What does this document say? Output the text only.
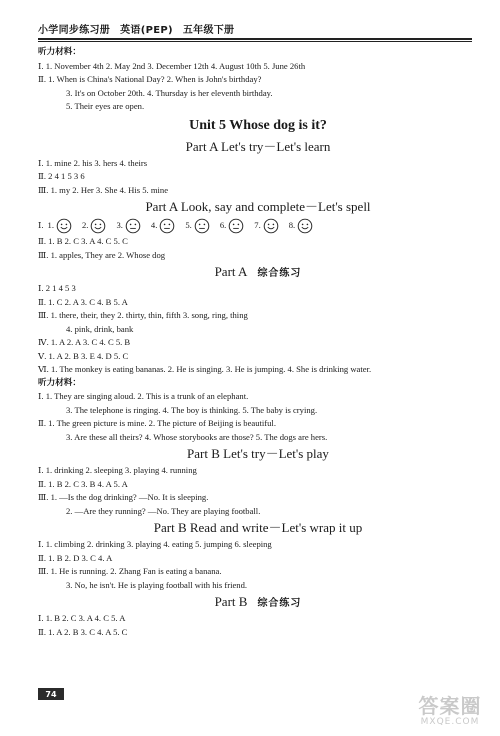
小学同步练习册 英语(PEP) 五年级下册
听力材料：
Ⅰ. 1. November 4th 2. May 2nd 3. December 12th 4. August 10th 5. June 26th
Ⅱ. 1. When is China's National Day? 2. When is John's birthday?
3. It's on October 20th. 4. Thursday is her eleventh birthday.
5. Their eyes are open.
Unit 5 Whose dog is it?
Part A Let's try－Let's learn
Ⅰ. 1. mine 2. his 3. hers 4. theirs
Ⅱ. 2 4 1 5 3 6
Ⅲ. 1. my 2. Her 3. She 4. His 5. mine
Part A Look, say and complete－Let's spell
Ⅰ. 1.	2.	3.	4.	5.	6.	7.	8.
Ⅱ. 1. B 2. C 3. A 4. C 5. C
Ⅲ. 1. apples, They are 2. Whose dog
Part A 综合练习
Ⅰ. 2 1 4 5 3
Ⅱ. 1. C 2. A 3. C 4. B 5. A
Ⅲ. 1. there, their, they 2. thirty, thin, fifth 3. song, ring, thing
4. pink, drink, bank
Ⅳ. 1. A 2. A 3. C 4. C 5. B
Ⅴ. 1. A 2. B 3. E 4. D 5. C
Ⅵ. 1. The monkey is eating bananas. 2. He is singing. 3. He is jumping. 4. She is drinking water.
听力材料：
Ⅰ. 1. They are singing aloud. 2. This is a trunk of an elephant.
3. The telephone is ringing. 4. The boy is thinking. 5. The baby is crying.
Ⅱ. 1. The green picture is mine. 2. The picture of Beijing is beautiful.
3. Are these all theirs? 4. Whose storybooks are those? 5. The dogs are hers.
Part B Let's try－Let's play
Ⅰ. 1. drinking 2. sleeping 3. playing 4. running
Ⅱ. 1. B 2. C 3. B 4. A 5. A
Ⅲ. 1. —Is the dog drinking? —No. It is sleeping.
2. —Are they running? —No. They are playing football.
Part B Read and write－Let's wrap it up
Ⅰ. 1. climbing 2. drinking 3. playing 4. eating 5. jumping 6. sleeping
Ⅱ. 1. B 2. D 3. C 4. A
Ⅲ. 1. He is running. 2. Zhang Fan is eating a banana.
3. No, he isn't. He is playing football with his friend.
Part B 综合练习
Ⅰ. 1. B 2. C 3. A 4. C 5. A
Ⅱ. 1. A 2. B 3. C 4. A 5. C
74	答案圈
MXQE.COM
